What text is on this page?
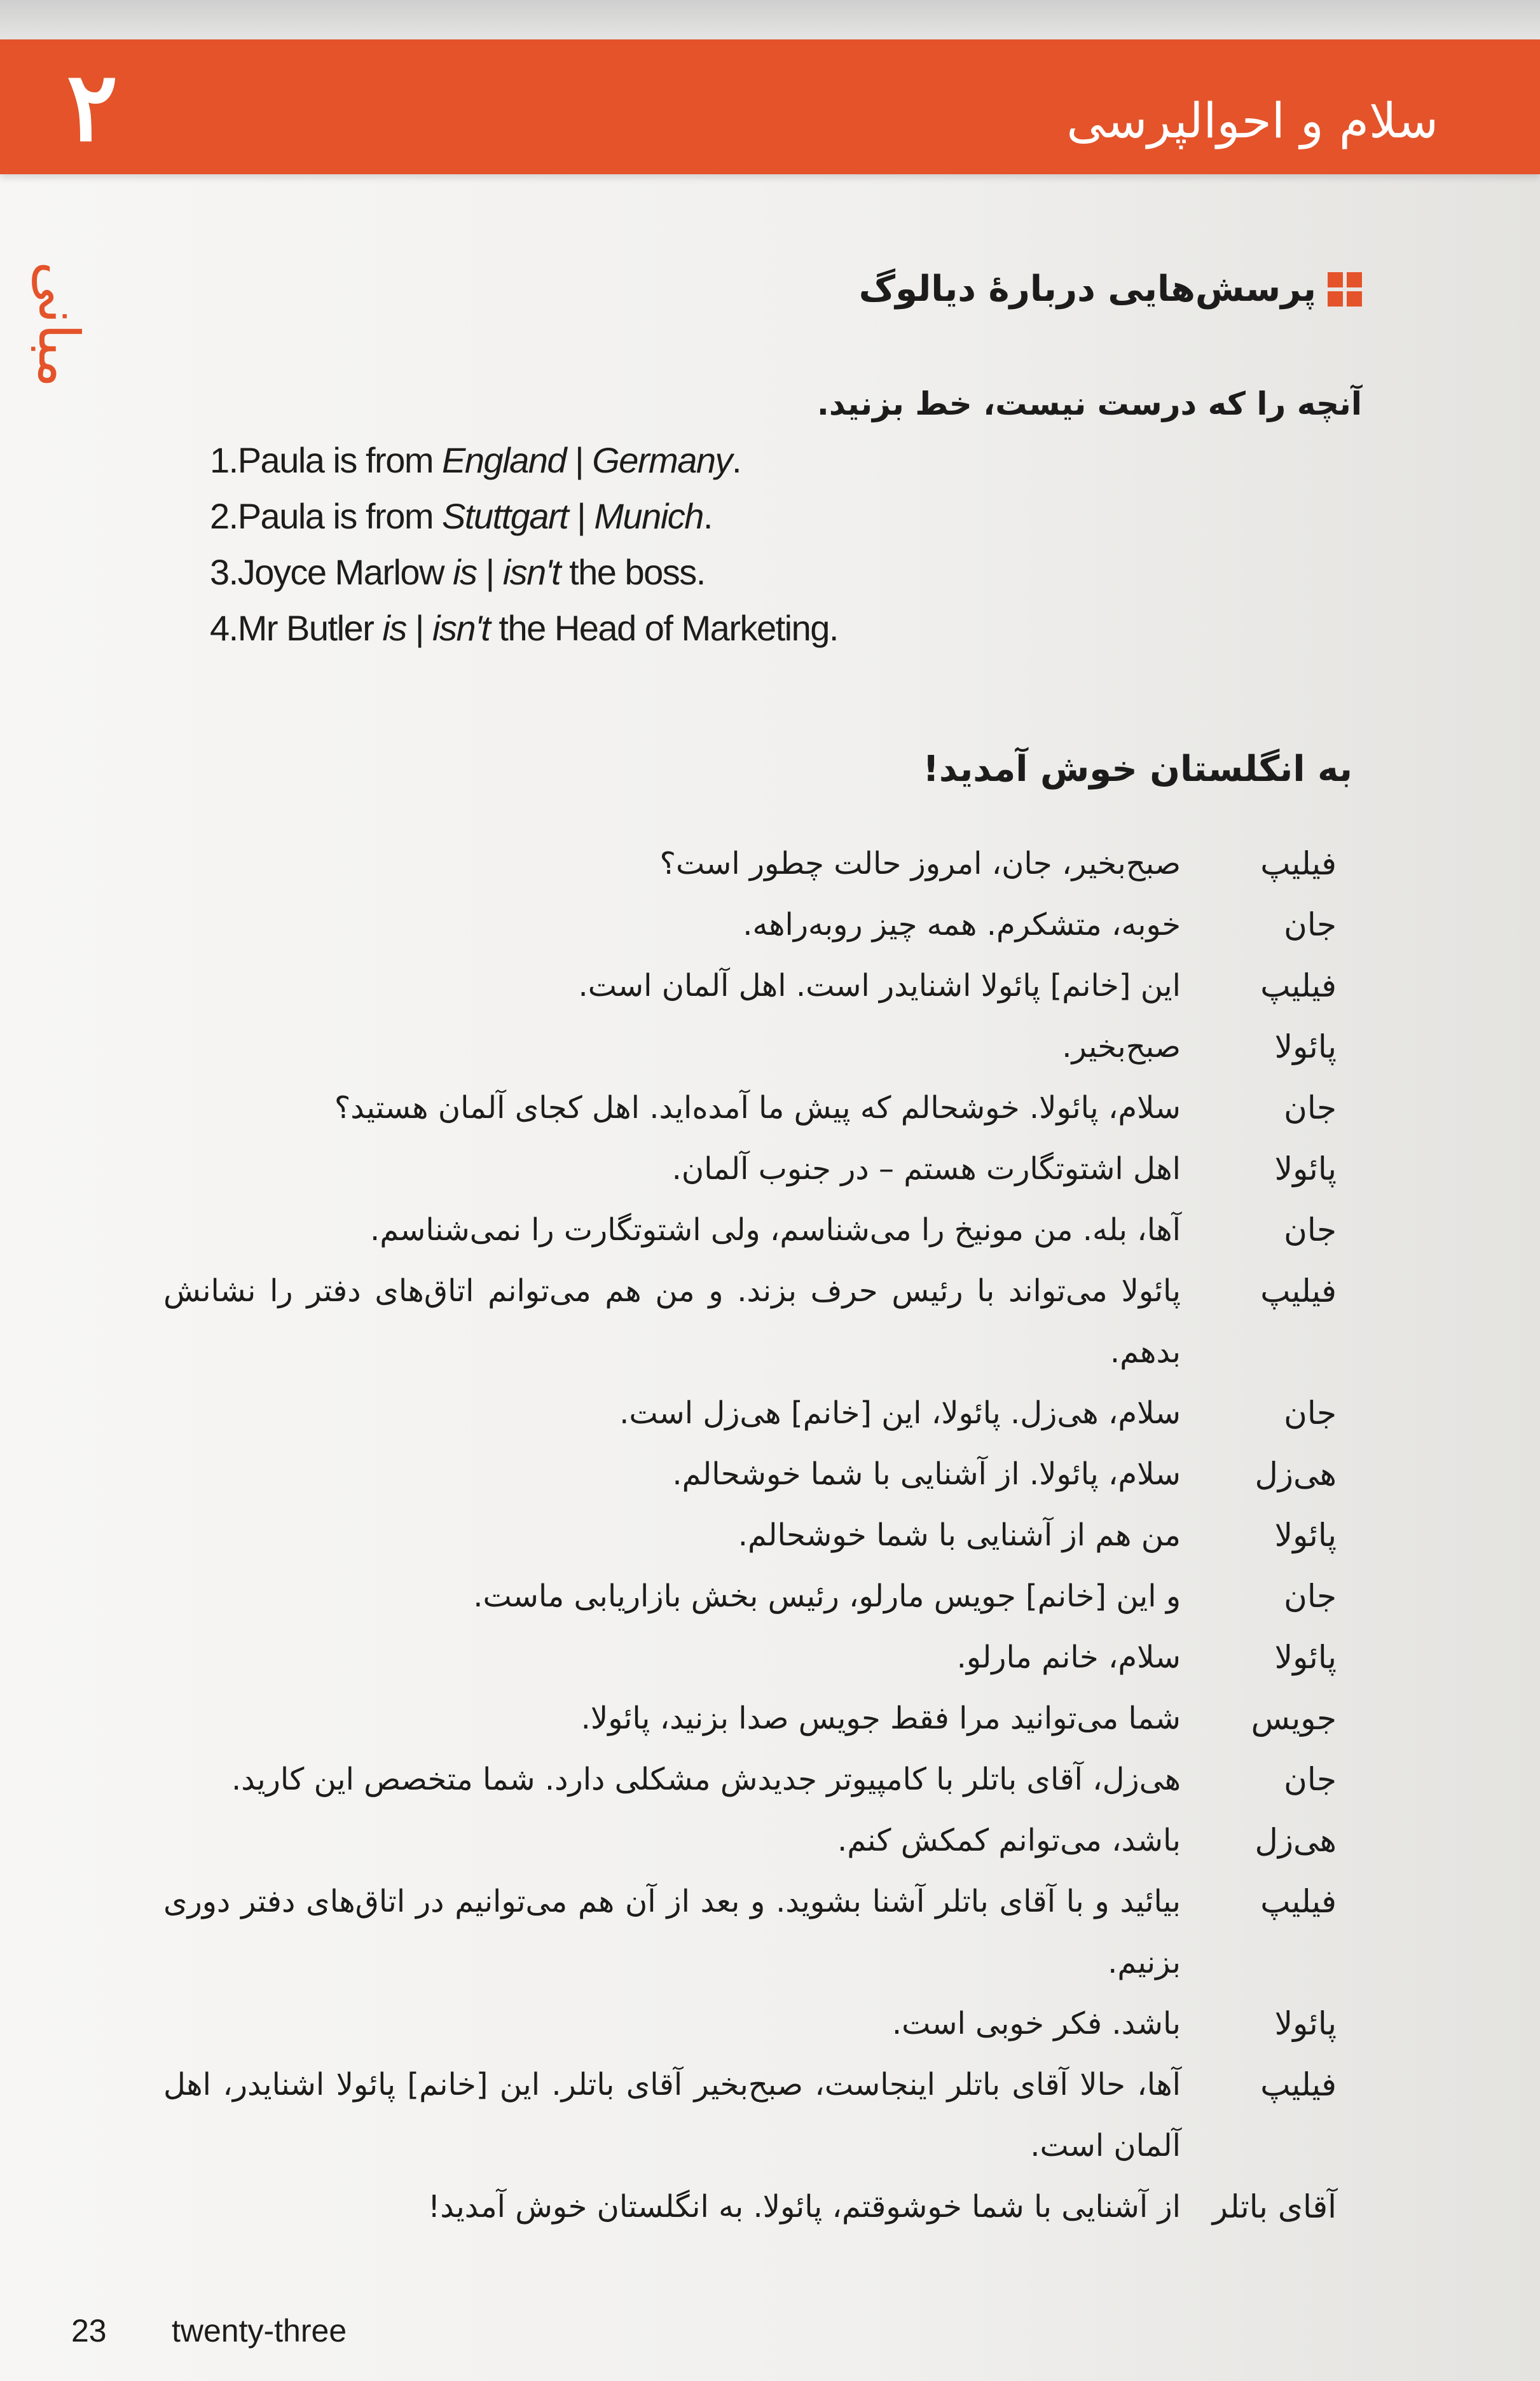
۲	سلام و احوالپرسی
مبانی	پرسش‌هایی دربارهٔ دیالوگ
آنچه را که درست نیست، خط بزنید.
1.Paula is from England | Germany.
2.Paula is from Stuttgart | Munich.
3.Joyce Marlow is | isn't the boss.
4.Mr Butler is | isn't the Head of Marketing.
به انگلستان خوش آمدید!
فیلیپ
صبح‌بخیر، جان، امروز حالت چطور است؟
جان
خوبه، متشکرم. همه چیز روبه‌راهه.
فیلیپ
این [خانم] پائولا اشنایدر است. اهل آلمان است.
پائولا
صبح‌بخیر.
جان
سلام، پائولا. خوشحالم که پیش ما آمده‌اید. اهل کجای آلمان هستید؟
پائولا
اهل اشتوتگارت هستم – در جنوب آلمان.
جان
آها، بله. من مونیخ را می‌شناسم، ولی اشتوتگارت را نمی‌شناسم.
فیلیپ
پائولا می‌تواند با رئیس حرف بزند. و من هم می‌توانم اتاق‌های دفتر را نشانش بدهم.
جان
سلام، هی‌زل. پائولا، این [خانم] هی‌زل است.
هی‌زل
سلام، پائولا. از آشنایی با شما خوشحالم.
پائولا
من هم از آشنایی با شما خوشحالم.
جان
و این [خانم] جویس مارلو، رئیس بخش بازاریابی ماست.
پائولا
سلام، خانم مارلو.
جویس
شما می‌توانید مرا فقط جویس صدا بزنید، پائولا.
جان
هی‌زل، آقای باتلر با کامپیوتر جدیدش مشکلی دارد. شما متخصص این کارید.
هی‌زل
باشد، می‌توانم کمکش کنم.
فیلیپ
بیائید و با آقای باتلر آشنا بشوید. و بعد از آن هم می‌توانیم در اتاق‌های دفتر دوری بزنیم.
پائولا
باشد. فکر خوبی است.
فیلیپ
آها، حالا آقای باتلر اینجاست، صبح‌بخیر آقای باتلر. این [خانم] پائولا اشنایدر، اهل آلمان است.
آقای باتلر
از آشنایی با شما خوشوقتم، پائولا. به انگلستان خوش آمدید!
23 twenty-three
